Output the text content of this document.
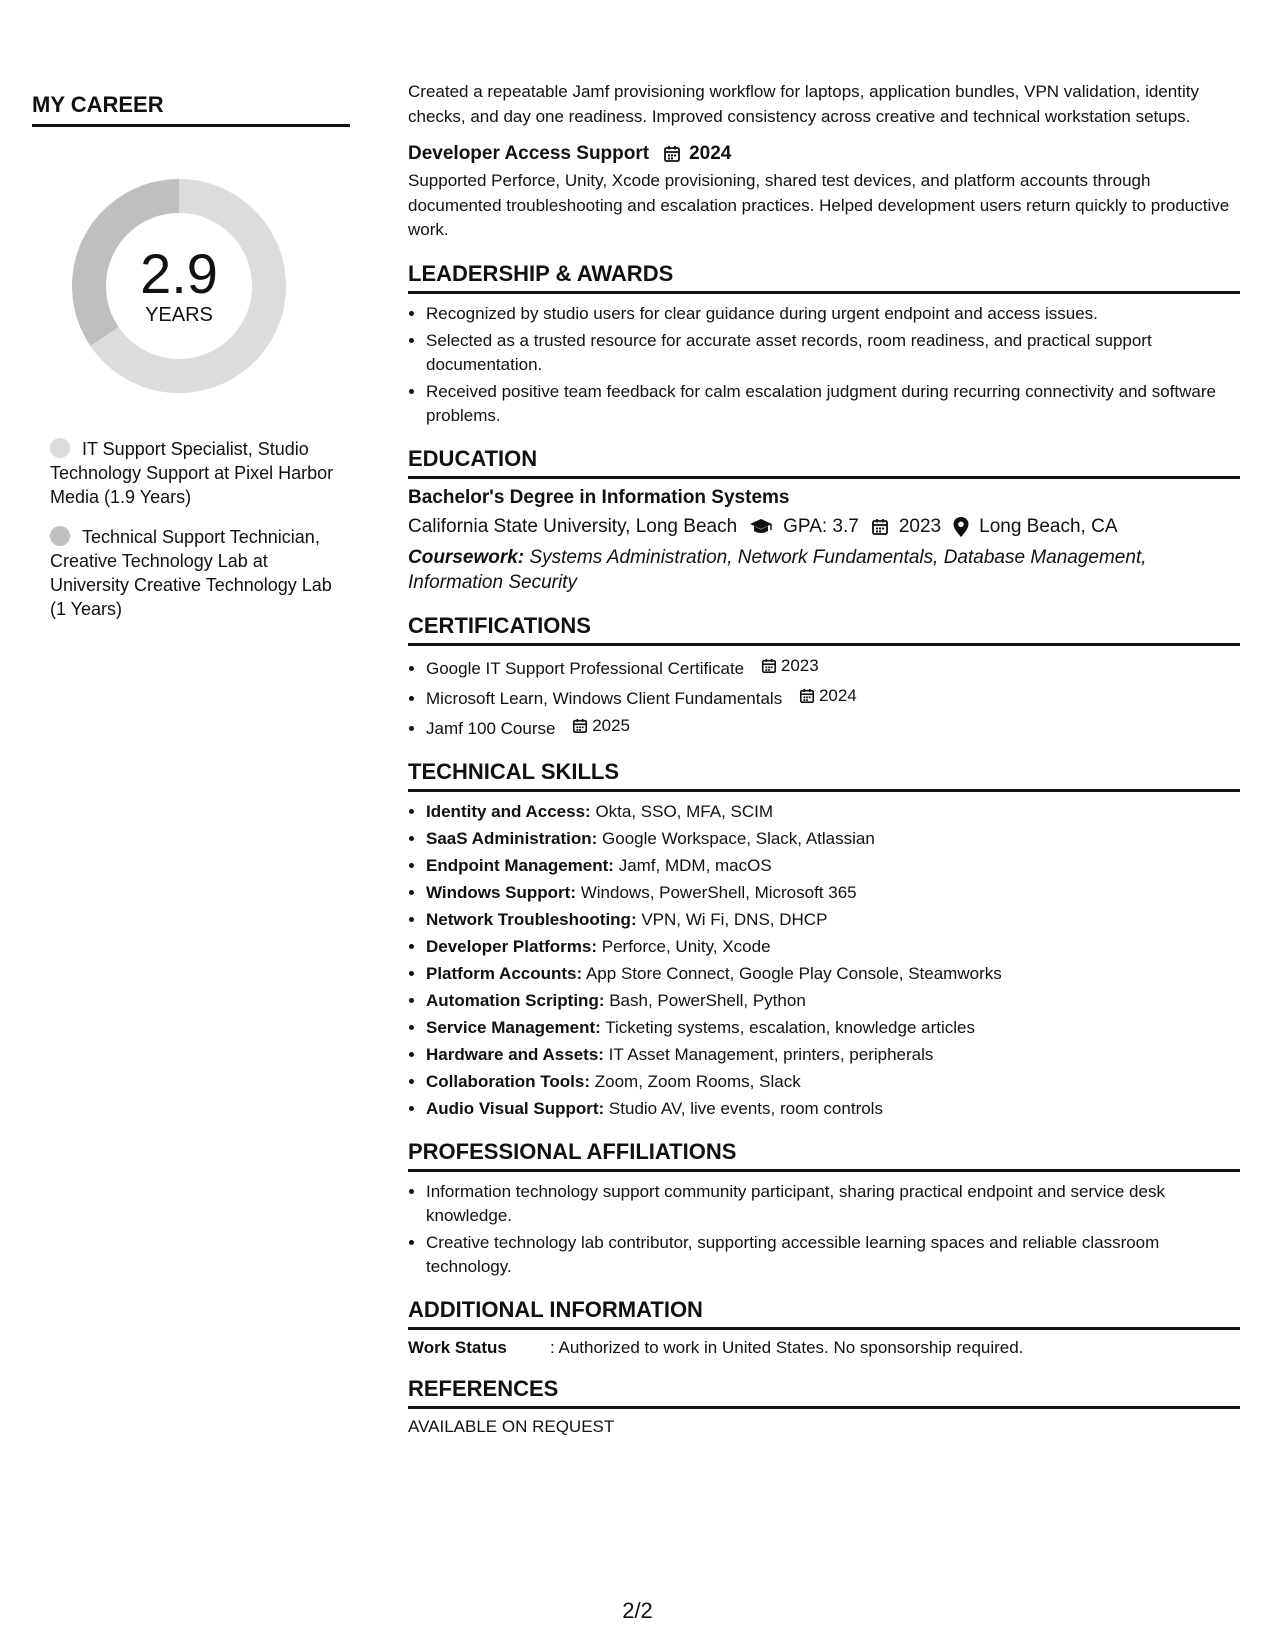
MY CAREER
2.9
YEARS
IT Support Specialist, Studio Technology Support at Pixel Harbor Media (1.9 Years)
Technical Support Technician, Creative Technology Lab at University Creative Technology Lab (1 Years)

Created a repeatable Jamf provisioning workflow for laptops, application bundles, VPN validation, identity checks, and day one readiness. Improved consistency across creative and technical workstation setups.

Developer Access Support 2024

Supported Perforce, Unity, Xcode provisioning, shared test devices, and platform accounts through documented troubleshooting and escalation practices. Helped development users return quickly to productive work.

LEADERSHIP & AWARDS
• Recognized by studio users for clear guidance during urgent endpoint and access issues.
• Selected as a trusted resource for accurate asset records, room readiness, and practical support documentation.
• Received positive team feedback for calm escalation judgment during recurring connectivity and software problems.
EDUCATION
Bachelor's Degree in Information Systems
California State University, Long Beach GPA: 3.7 2023 Long Beach, CA
Coursework: Systems Administration, Network Fundamentals, Database Management, Information Security
CERTIFICATIONS
• Google IT Support Professional Certificate 2023
• Microsoft Learn, Windows Client Fundamentals 2024
• Jamf 100 Course 2025
TECHNICAL SKILLS
• Identity and Access: Okta, SSO, MFA, SCIM
• SaaS Administration: Google Workspace, Slack, Atlassian
• Endpoint Management: Jamf, MDM, macOS
• Windows Support: Windows, PowerShell, Microsoft 365
• Network Troubleshooting: VPN, Wi Fi, DNS, DHCP
• Developer Platforms: Perforce, Unity, Xcode
• Platform Accounts: App Store Connect, Google Play Console, Steamworks
• Automation Scripting: Bash, PowerShell, Python
• Service Management: Ticketing systems, escalation, knowledge articles
• Hardware and Assets: IT Asset Management, printers, peripherals
• Collaboration Tools: Zoom, Zoom Rooms, Slack
• Audio Visual Support: Studio AV, live events, room controls
PROFESSIONAL AFFILIATIONS
• Information technology support community participant, sharing practical endpoint and service desk knowledge.
• Creative technology lab contributor, supporting accessible learning spaces and reliable classroom technology.
ADDITIONAL INFORMATION
Work Status	: Authorized to work in United States. No sponsorship required.
REFERENCES
AVAILABLE ON REQUEST
2/2
